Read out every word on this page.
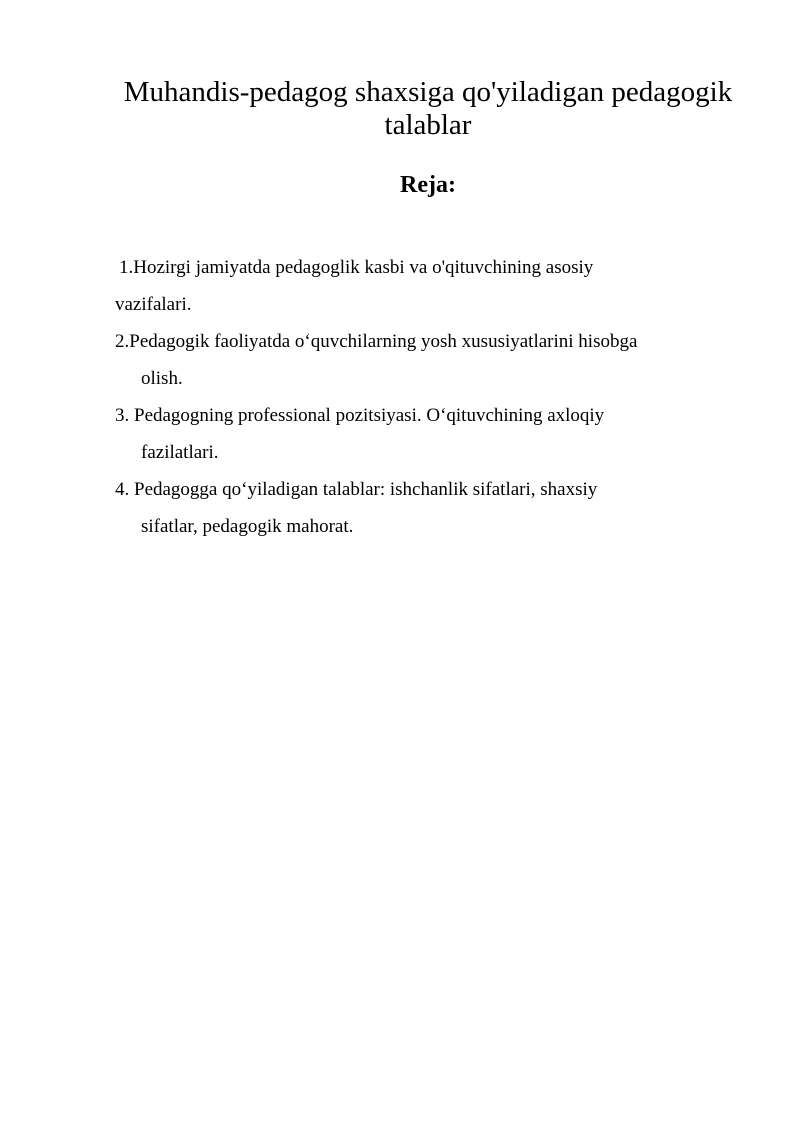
Muhandis-pedagog shaxsiga qo'yiladigan pedagogik talablar
Reja:
1.Hozirgi jamiyatda pedagoglik kasbi va o'qituvchining asosiy
vazifalari.
2.Pedagogik faoliyatda o‘quvchilarning yosh xususiyatlarini hisobga
olish.
3. Pedagogning professional pozitsiyasi. O‘qituvchining axloqiy
fazilatlari.
4. Pedagogga qo‘yiladigan talablar: ishchanlik sifatlari, shaxsiy
sifatlar, pedagogik mahorat.
